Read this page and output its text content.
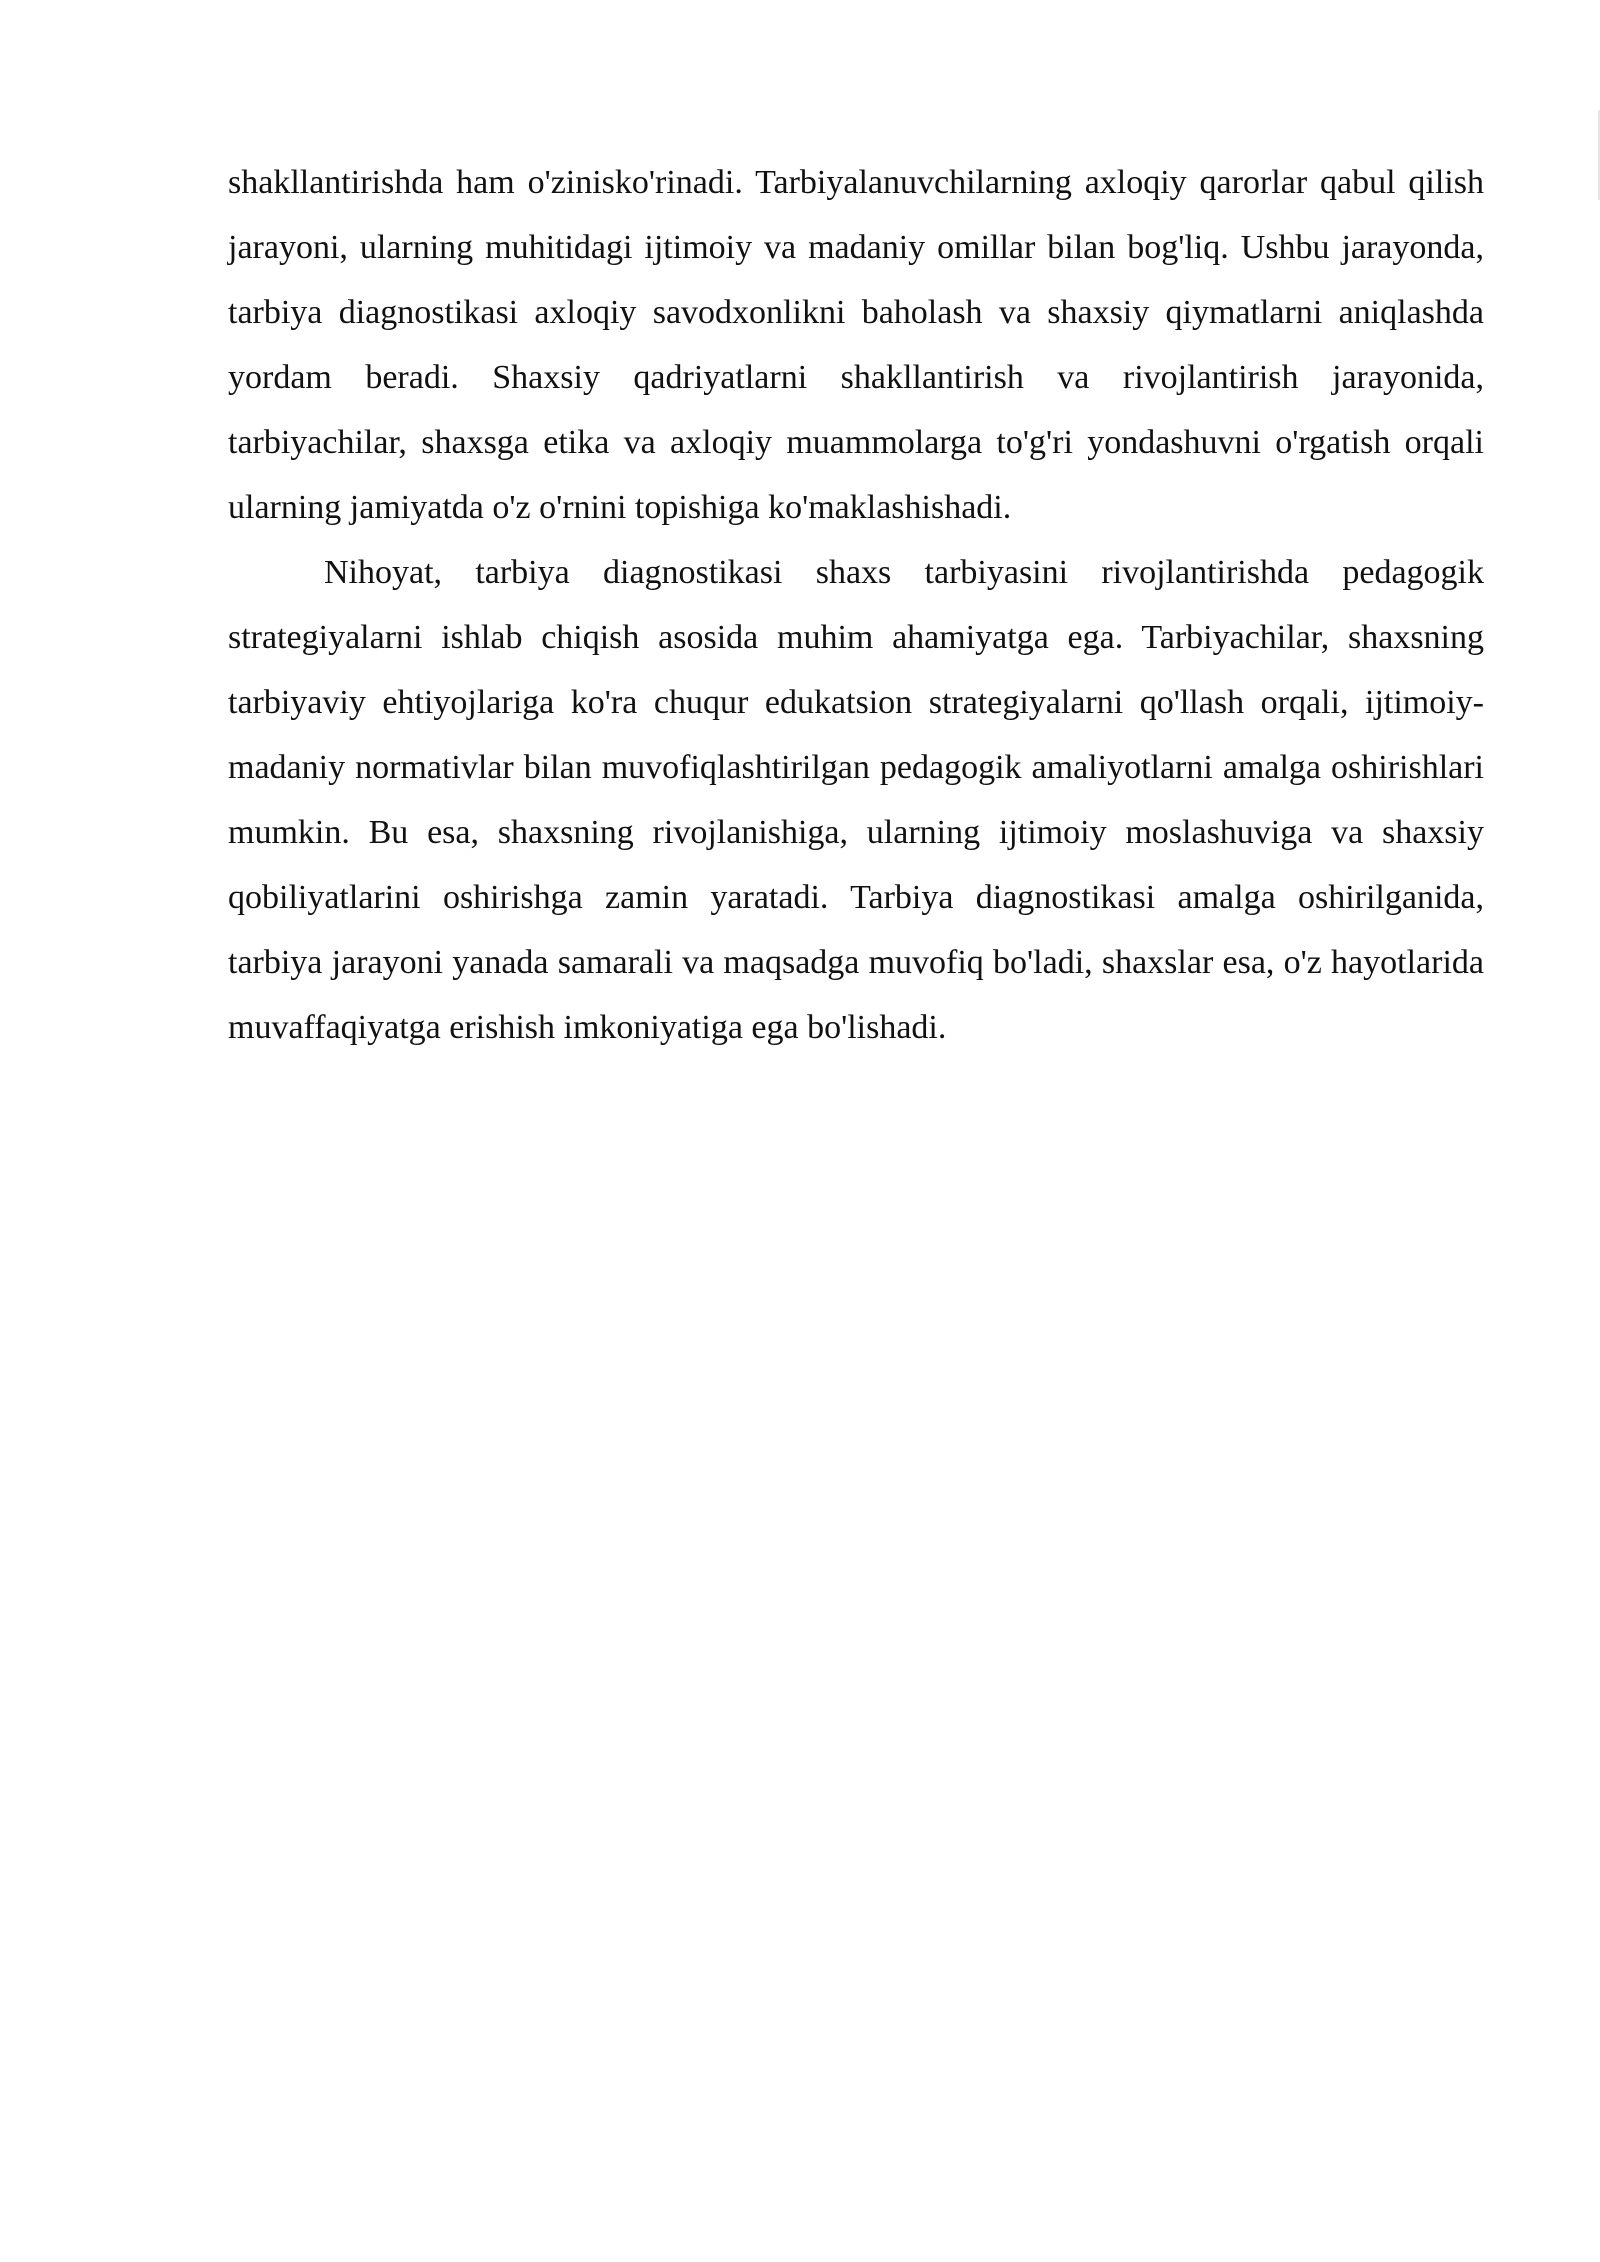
shakllantirishda ham o'zinisko'rinadi. Tarbiyalanuvchilarning axloqiy qarorlar qabul qilish jarayoni, ularning muhitidagi ijtimoiy va madaniy omillar bilan bog'liq. Ushbu jarayonda, tarbiya diagnostikasi axloqiy savodxonlikni baholash va shaxsiy qiymatlarni aniqlashda yordam beradi. Shaxsiy qadriyatlarni shakllantirish va rivojlantirish jarayonida, tarbiyachilar, shaxsga etika va axloqiy muammolarga to'g'ri yondashuvni o'rgatish orqali ularning jamiyatda o'z o'rnini topishiga ko'maklashishadi.

Nihoyat, tarbiya diagnostikasi shaxs tarbiyasini rivojlantirishda pedagogik strategiyalarni ishlab chiqish asosida muhim ahamiyatga ega. Tarbiyachilar, shaxsning tarbiyaviy ehtiyojlariga ko'ra chuqur edukatsion strategiyalarni qo'llash orqali, ijtimoiy-madaniy normativlar bilan muvofiqlashtirilgan pedagogik amaliyotlarni amalga oshirishlari mumkin. Bu esa, shaxsning rivojlanishiga, ularning ijtimoiy moslashuviga va shaxsiy qobiliyatlarini oshirishga zamin yaratadi. Tarbiya diagnostikasi amalga oshirilganida, tarbiya jarayoni yanada samarali va maqsadga muvofiq bo'ladi, shaxslar esa, o'z hayotlarida muvaffaqiyatga erishish imkoniyatiga ega bo'lishadi.
